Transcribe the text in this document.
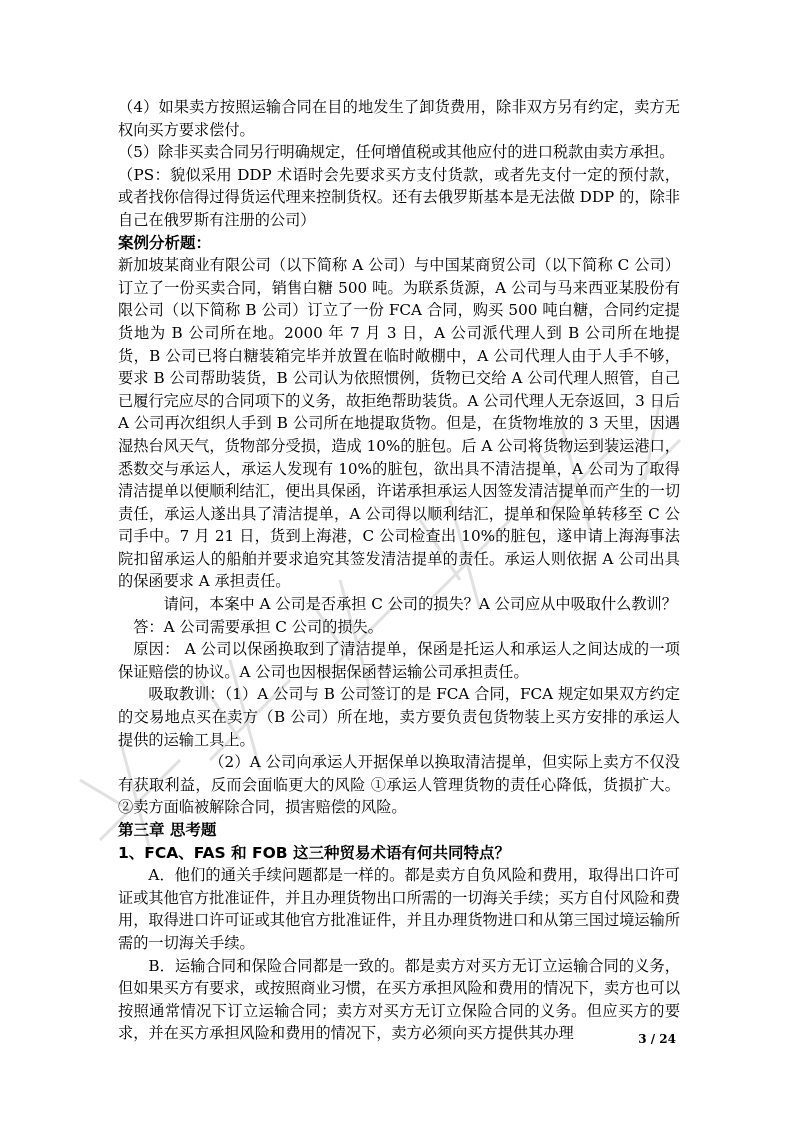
（4）如果卖方按照运输合同在目的地发生了卸货费用，除非双方另有约定，卖方无权向买方要求偿付。

（5）除非买卖合同另行明确规定，任何增值税或其他应付的进口税款由卖方承担。

（PS：貌似采用 DDP 术语时会先要求买方支付货款，或者先支付一定的预付款，或者找你信得过得货运代理来控制货权。还有去俄罗斯基本是无法做 DDP 的，除非自己在俄罗斯有注册的公司）

案例分析题：

新加坡某商业有限公司（以下简称 A 公司）与中国某商贸公司（以下简称 C 公司）订立了一份买卖合同，销售白糖 500 吨。为联系货源，A 公司与马来西亚某股份有限公司（以下简称 B 公司）订立了一份 FCA 合同，购买 500 吨白糖，合同约定提货地为 B 公司所在地。2000 年 7 月 3 日，A 公司派代理人到 B 公司所在地提货，B 公司已将白糖装箱完毕并放置在临时敞棚中，A 公司代理人由于人手不够，要求 B 公司帮助装货，B 公司认为依照惯例，货物已交给 A 公司代理人照管，自己已履行完应尽的合同项下的义务，故拒绝帮助装货。A 公司代理人无奈返回，3 日后 A 公司再次组织人手到 B 公司所在地提取货物。但是，在货物堆放的 3 天里，因遇湿热台风天气，货物部分受损，造成 10%的脏包。后 A 公司将货物运到装运港口，悉数交与承运人，承运人发现有 10%的脏包，欲出具不清洁提单，A 公司为了取得清洁提单以便顺利结汇，便出具保函，许诺承担承运人因签发清洁提单而产生的一切责任，承运人遂出具了清洁提单，A 公司得以顺利结汇，提单和保险单转移至 C 公司手中。7 月 21 日，货到上海港，C 公司检查出 10%的脏包，遂申请上海海事法院扣留承运人的船舶并要求追究其签发清洁提单的责任。承运人则依据 A 公司出具的保函要求 A 承担责任。

请问，本案中 A 公司是否承担 C 公司的损失？A 公司应从中吸取什么教训？

答：A 公司需要承担 C 公司的损失。

原因： A 公司以保函换取到了清洁提单，保函是托运人和承运人之间达成的一项保证赔偿的协议。A 公司也因根据保函替运输公司承担责任。

吸取教训：（1）A 公司与 B 公司签订的是 FCA 合同，FCA 规定如果双方约定的交易地点买在卖方（B 公司）所在地，卖方要负责包货物装上买方安排的承运人提供的运输工具上。

（2）A 公司向承运人开据保单以换取清洁提单，但实际上卖方不仅没有获取利益，反而会面临更大的风险 ①承运人管理货物的责任心降低，货损扩大。②卖方面临被解除合同，损害赔偿的风险。

第三章 思考题

1、FCA、FAS 和 FOB 这三种贸易术语有何共同特点？

A．他们的通关手续问题都是一样的。都是卖方自负风险和费用，取得出口许可证或其他官方批准证件，并且办理货物出口所需的一切海关手续；买方自付风险和费用，取得进口许可证或其他官方批准证件，并且办理货物进口和从第三国过境运输所需的一切海关手续。

B．运输合同和保险合同都是一致的。都是卖方对买方无订立运输合同的义务，但如果买方有要求，或按照商业习惯，在买方承担风险和费用的情况下，卖方也可以按照通常情况下订立运输合同；卖方对买方无订立保险合同的义务。但应买方的要求，并在买方承担风险和费用的情况下，卖方必须向买方提供其办理	3 / 24
